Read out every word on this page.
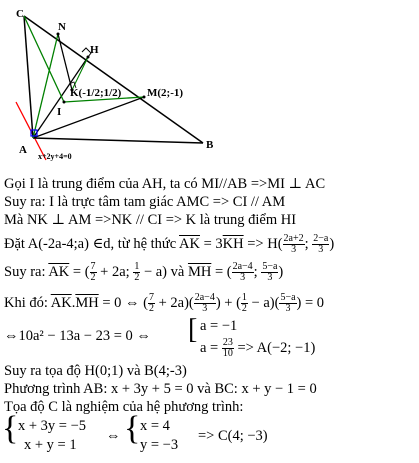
C
N
H
K(-1/2;1/2) M(2;-1)
I
A	B
x+2y+4=0
Gọi I là trung điểm của AH, ta có MI//AB =>MI ⊥ AC
Suy ra: I là trực tâm tam giác AMC => CI // AM
Mà NK ⊥ AM =>NK // CI => K là trung điểm HI
Đặt A(-2a-4;a) ∈d, từ hệ thức $\overline{AK} = 3\overline{KH} => H( \frac{2a+2}{3}$ ; $\frac{2-a}{3}$ )
Suy ra: $\overline{AK}$ = ( $\frac{7}{2} + 2a$; $\frac{1}{2} - a$) và $\overline{MH}$ = ( $\frac{2a-4}{3}$ ; $\frac{5-a}{3}$ )
Khi đó: $\overline{AK}.\overline{MH} = 0$ ⇔ ( $\frac{7}{2} + 2a)( \frac{2a-4}{3}$ ) + ( $\frac{1}{2} - a)( \frac{5-a}{3}$ ) = 0
⇔10a² − 13a − 23 = 0 ⇔ [ a = −1
$a = \frac{23}{10} => A(-2$; −1)
Suy ra tọa độ H(0;1) và B(4;-3)
Phương trình AB: x + 3y + 5 = 0 và BC: x + y − 1 = 0
Tọa độ C là nghiệm của hệ phương trình:
{ x + 3y = −5
x + y = 1
⇔ { x = 4
y = −3
=> C(4; −3)
